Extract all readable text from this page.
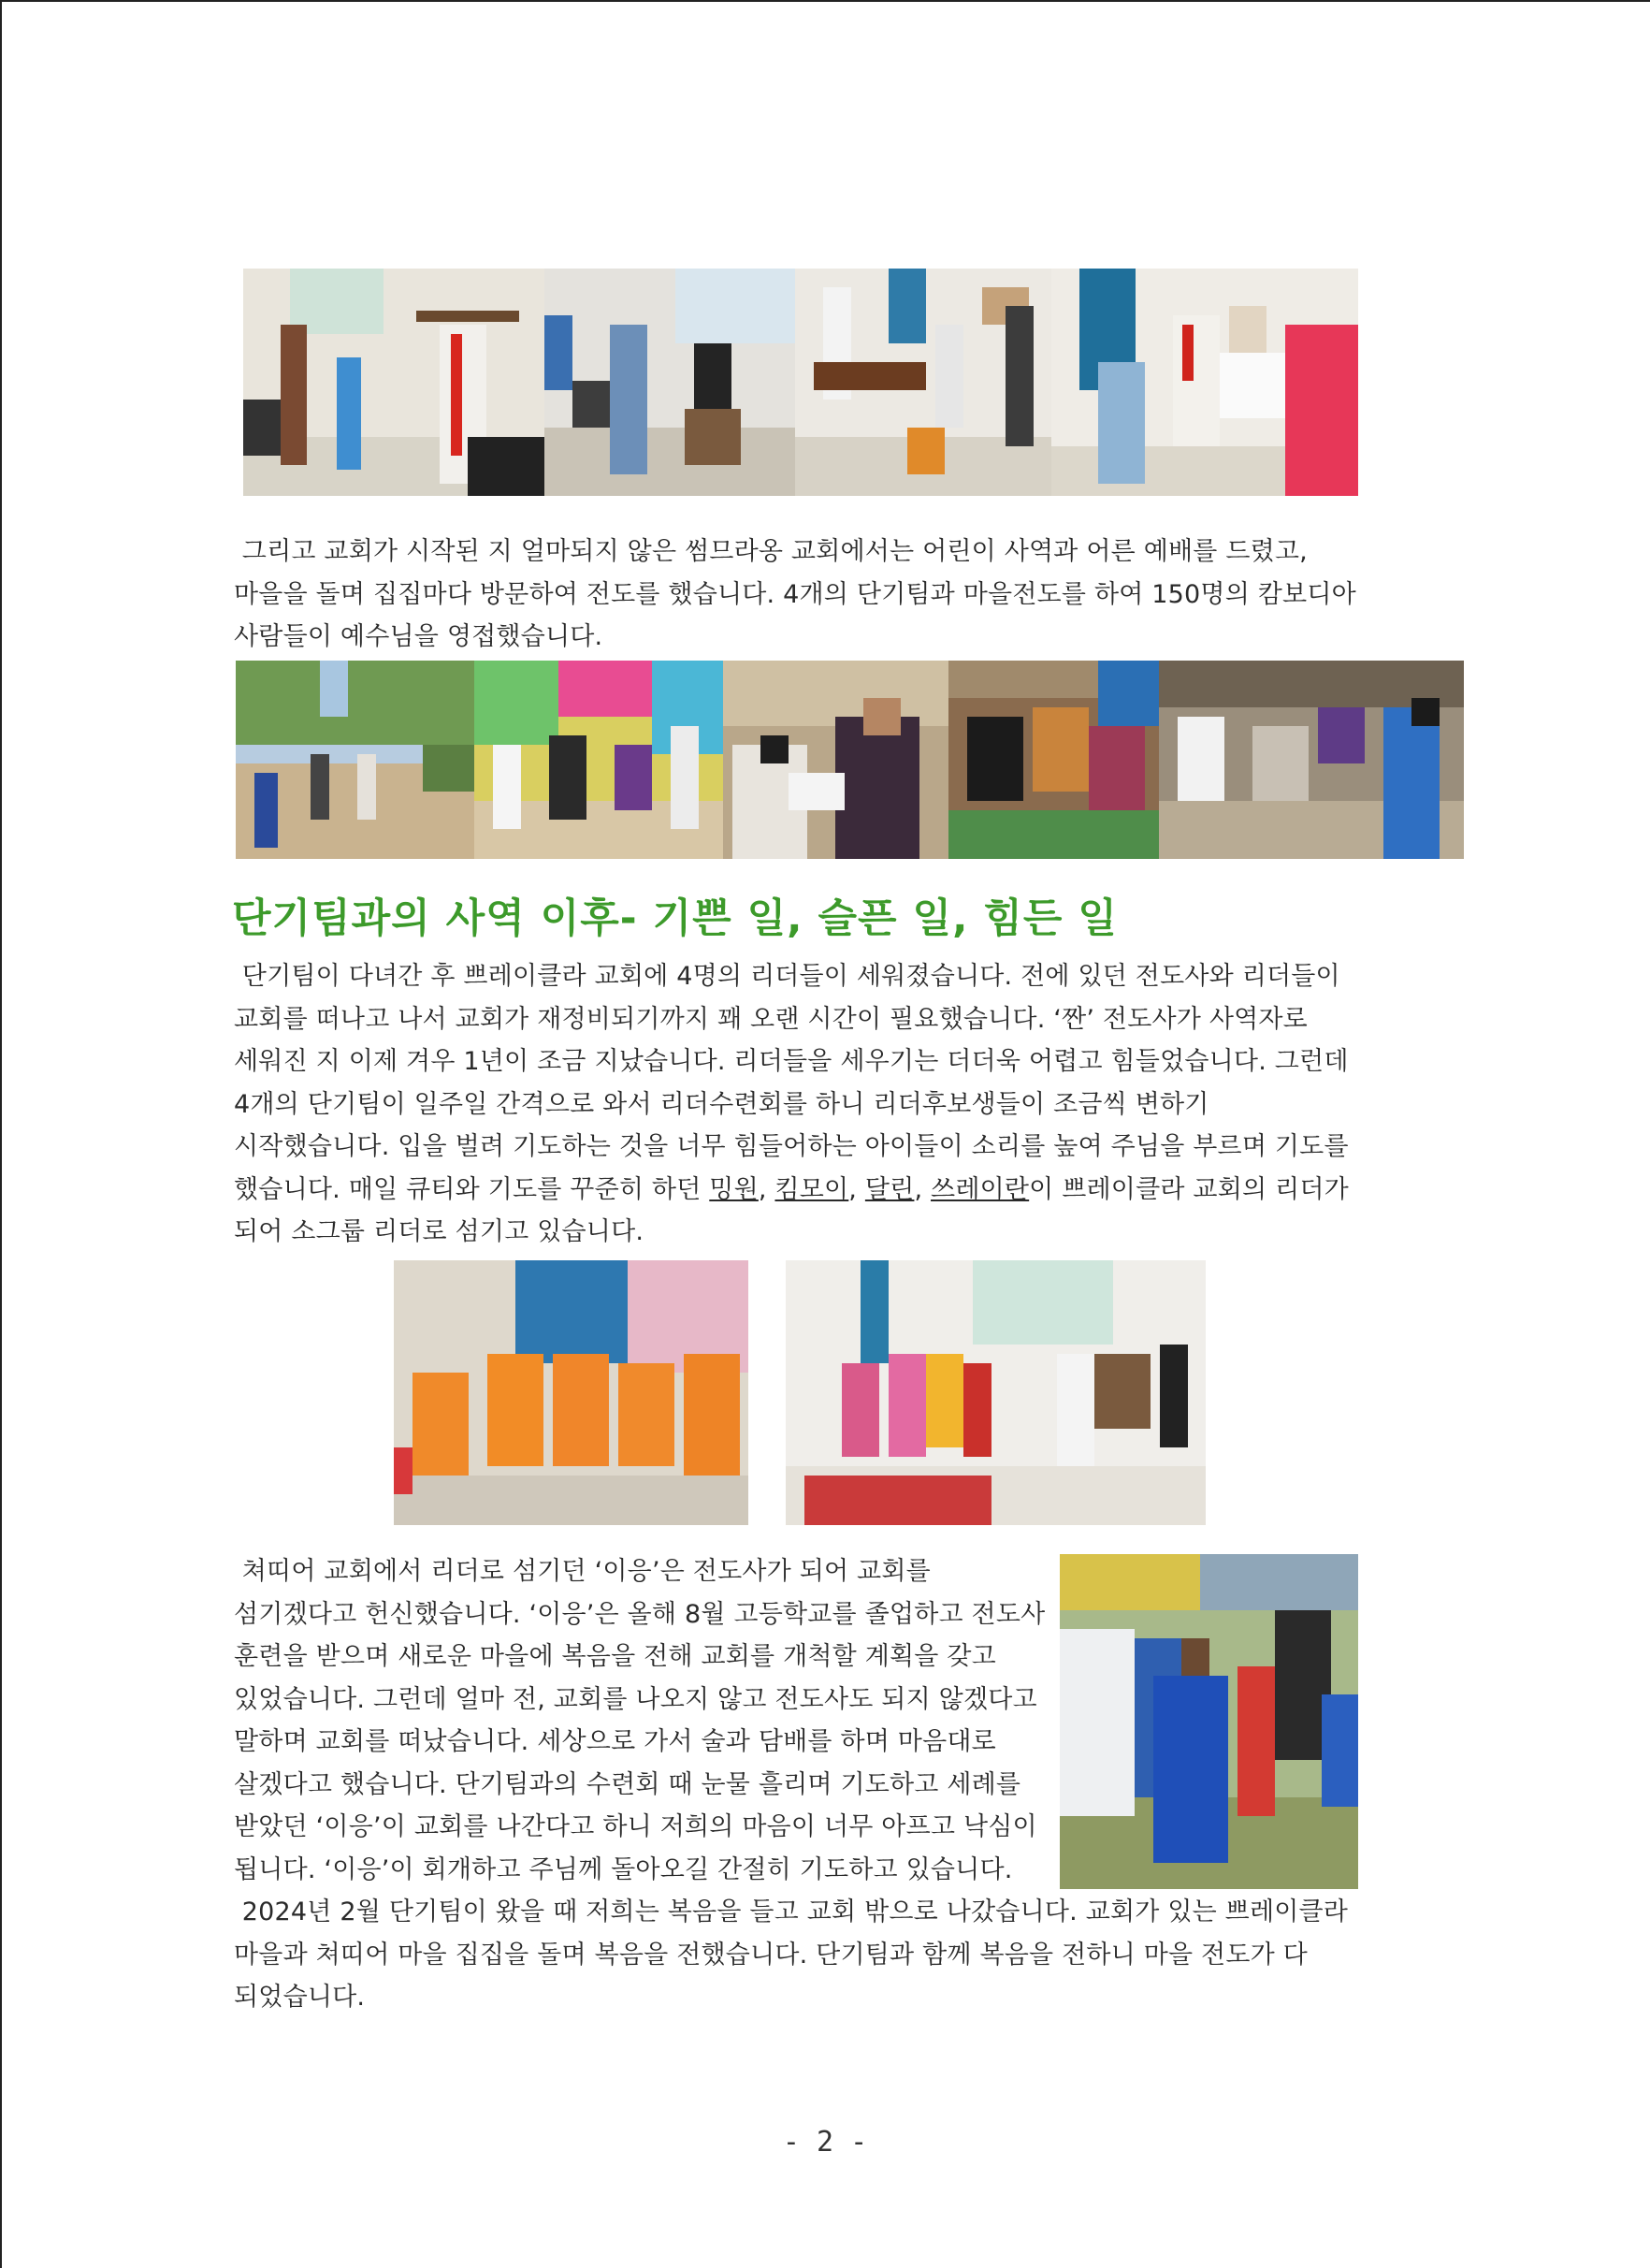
그리고 교회가 시작된 지 얼마되지 않은 썸므라옹 교회에서는 어린이 사역과 어른 예배를 드렸고,
마을을 돌며 집집마다 방문하여 전도를 했습니다. 4개의 단기팀과 마을전도를 하여 150명의 캄보디아
사람들이 예수님을 영접했습니다.

단기팀과의 사역 이후- 기쁜 일, 슬픈 일, 힘든 일

단기팀이 다녀간 후 쁘레이클라 교회에 4명의 리더들이 세워졌습니다. 전에 있던 전도사와 리더들이
교회를 떠나고 나서 교회가 재정비되기까지 꽤 오랜 시간이 필요했습니다. ‘짠’ 전도사가 사역자로
세워진 지 이제 겨우 1년이 조금 지났습니다. 리더들을 세우기는 더더욱 어렵고 힘들었습니다. 그런데
4개의 단기팀이 일주일 간격으로 와서 리더수련회를 하니 리더후보생들이 조금씩 변하기
시작했습니다. 입을 벌려 기도하는 것을 너무 힘들어하는 아이들이 소리를 높여 주님을 부르며 기도를
했습니다. 매일 큐티와 기도를 꾸준히 하던 밍원, 킴모이, 달린, 쓰레이란이 쁘레이클라 교회의 리더가
되어 소그룹 리더로 섬기고 있습니다.

쳐띠어 교회에서 리더로 섬기던 ‘이응’은 전도사가 되어 교회를
섬기겠다고 헌신했습니다. ‘이응’은 올해 8월 고등학교를 졸업하고 전도사
훈련을 받으며 새로운 마을에 복음을 전해 교회를 개척할 계획을 갖고
있었습니다. 그런데 얼마 전, 교회를 나오지 않고 전도사도 되지 않겠다고
말하며 교회를 떠났습니다. 세상으로 가서 술과 담배를 하며 마음대로
살겠다고 했습니다. 단기팀과의 수련회 때 눈물 흘리며 기도하고 세례를
받았던 ‘이응’이 교회를 나간다고 하니 저희의 마음이 너무 아프고 낙심이
됩니다. ‘이응’이 회개하고 주님께 돌아오길 간절히 기도하고 있습니다.

2024년 2월 단기팀이 왔을 때 저희는 복음을 들고 교회 밖으로 나갔습니다. 교회가 있는 쁘레이클라
마을과 쳐띠어 마을 집집을 돌며 복음을 전했습니다. 단기팀과 함께 복음을 전하니 마을 전도가 다
되었습니다.

- 2 -
